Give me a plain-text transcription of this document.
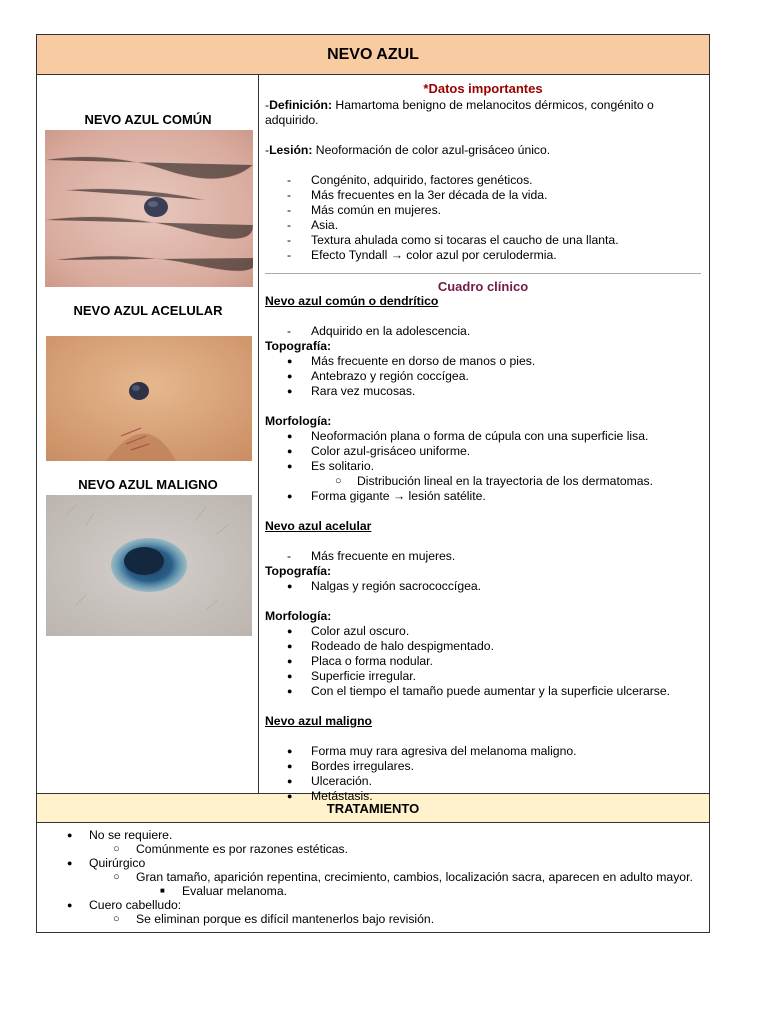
NEVO AZUL
NEVO AZUL COMÚN
NEVO AZUL ACELULAR
NEVO AZUL MALIGNO
*Datos importantes

-Definición: Hamartoma benigno de melanocitos dérmicos, congénito o adquirido.

-Lesión: Neoformación de color azul-grisáceo único.

- Congénito, adquirido, factores genéticos.
- Más frecuentes en la 3er década de la vida.
- Más común en mujeres.
- Asia.
- Textura ahulada como si tocaras el caucho de una llanta.
- Efecto Tyndall → color azul por cerulodermia.
Cuadro clínico
Nevo azul común o dendrítico
- Adquirido en la adolescencia.
Topografía:
● Más frecuente en dorso de manos o pies.
● Antebrazo y región coccígea.
● Rara vez mucosas.
Morfología:
● Neoformación plana o forma de cúpula con una superficie lisa.
● Color azul-grisáceo uniforme.
● Es solitario.
○ Distribución lineal en la trayectoria de los dermatomas.
● Forma gigante → lesión satélite.
Nevo azul acelular
- Más frecuente en mujeres.
Topografía:
● Nalgas y región sacrococcígea.
Morfología:
● Color azul oscuro.
● Rodeado de halo despigmentado.
● Placa o forma nodular.
● Superficie irregular.
● Con el tiempo el tamaño puede aumentar y la superficie ulcerarse.
Nevo azul maligno
● Forma muy rara agresiva del melanoma maligno.
● Bordes irregulares.
● Ulceración.
● Metástasis.
TRATAMIENTO
● No se requiere.
○ Comúnmente es por razones estéticas.
● Quirúrgico
○ Gran tamaño, aparición repentina, crecimiento, cambios, localización sacra, aparecen en adulto mayor.
■ Evaluar melanoma.
● Cuero cabelludo:
○ Se eliminan porque es difícil mantenerlos bajo revisión.
